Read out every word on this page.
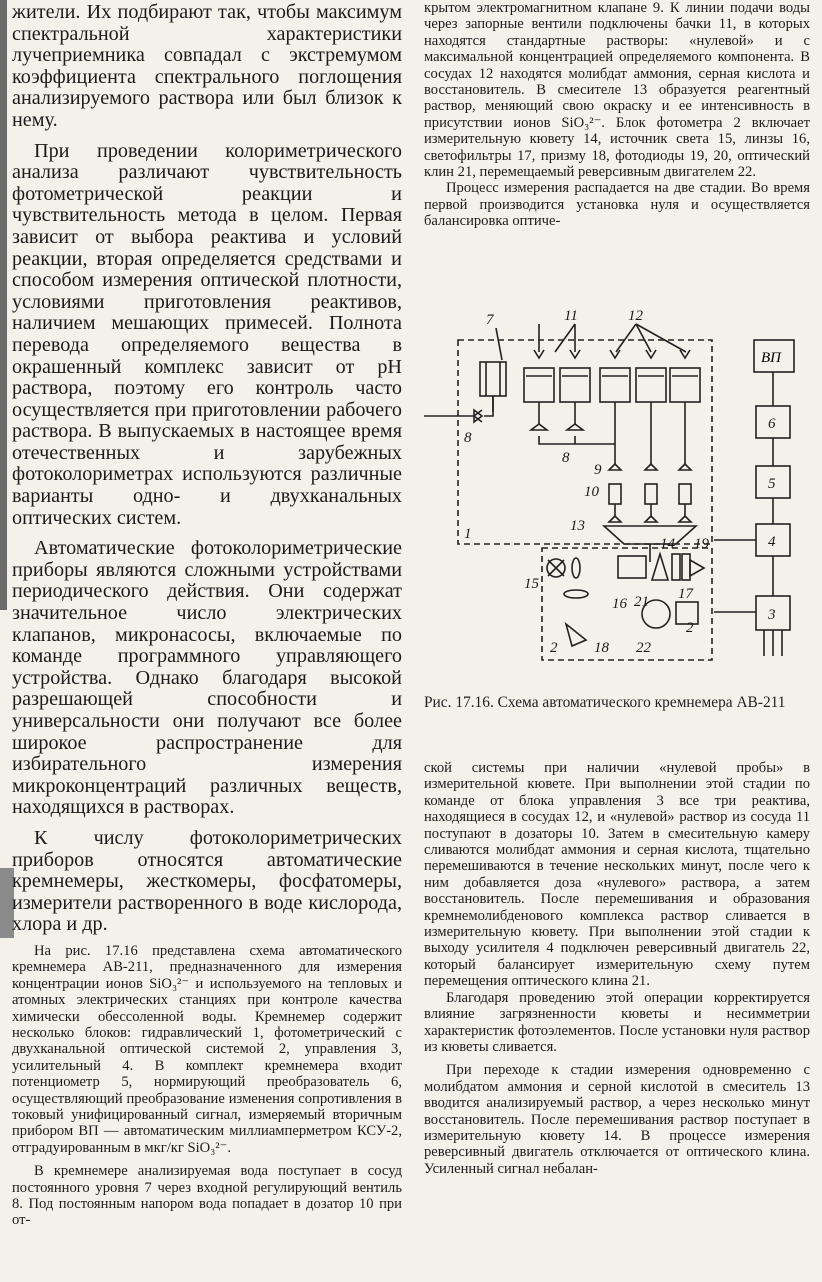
жители. Их подбирают так, чтобы максимум спектральной характеристики лучеприемника совпадал с экстремумом коэффициента спектрального поглощения анализируемого раствора или был близок к нему.

При проведении колориметрического анализа различают чувствительность фотометрической реакции и чувствительность метода в целом. Первая зависит от выбора реактива и условий реакции, вторая определяется средствами и способом измерения оптической плотности, условиями приготовления реактивов, наличием мешающих примесей. Полнота перевода определяемого вещества в окрашенный комплекс зависит от рН раствора, поэтому его контроль часто осуществляется при приготовлении рабочего раствора. В выпускаемых в настоящее время отечественных и зарубежных фотоколориметрах используются различные варианты одно- и двухканальных оптических систем.

Автоматические фотоколориметрические приборы являются сложными устройствами периодического действия. Они содержат значительное число электрических клапанов, микронасосы, включаемые по команде программного управляющего устройства. Однако благодаря высокой разрешающей способности и универсальности они получают все более широкое распространение для избирательного измерения микроконцентраций различных веществ, находящихся в растворах.

К числу фотоколориметрических приборов относятся автоматические кремнемеры, жесткомеры, фосфатомеры, измерители растворенного в воде кислорода, хлора и др.

На рис. 17.16 представлена схема автоматического кремнемера АВ-211, предназначенного для измерения концентрации ионов SiO₃²⁻ и используемого на тепловых и атомных электрических станциях при контроле качества химически обессоленной воды. Кремнемер содержит несколько блоков: гидравлический 1, фотометрический с двухканальной оптической системой 2, управления 3, усилительный 4. В комплект кремнемера входит потенциометр 5, нормирующий преобразователь 6, осуществляющий преобразование изменения сопротивления в токовый унифицированный сигнал, измеряемый вторичным прибором ВП — автоматическим миллиамперметром КСУ-2, отградуированным в мкг/кг SiO₃²⁻.

В кремнемере анализируемая вода поступает в сосуд постоянного уровня 7 через входной регулирующий вентиль 8. Под постоянным напором вода попадает в дозатор 10 при от-

крытом электромагнитном клапане 9. К линии подачи воды через запорные вентили подключены бачки 11, в которых находятся стандартные растворы: «нулевой» и с максимальной концентрацией определяемого компонента. В сосудах 12 находятся молибдат аммония, серная кислота и восстановитель. В смесителе 13 образуется реагентный раствор, меняющий свою окраску и ее интенсивность в присутствии ионов SiO₃²⁻. Блок фотометра 2 включает измерительную кювету 14, источник света 15, линзы 16, светофильтры 17, призму 18, фотодиоды 19, 20, оптический клин 21, перемещаемый реверсивным двигателем 22.

Процесс измерения распадается на две стадии. Во время первой производится установка нуля и осуществляется балансировка оптиче-

7	11	12
8
8
9
10
1	13
14 19
15
16 21 17
2 18 22
2
6
5
4
3
ВП
Рис. 17.16. Схема автоматического кремнемера АВ-211

ской системы при наличии «нулевой пробы» в измерительной кювете. При выполнении этой стадии по команде от блока управления 3 все три реактива, находящиеся в сосудах 12, и «нулевой» раствор из сосуда 11 поступают в дозаторы 10. Затем в смесительную камеру сливаются молибдат аммония и серная кислота, тщательно перемешиваются в течение нескольких минут, после чего к ним добавляется доза «нулевого» раствора, а затем восстановитель. После перемешивания и образования кремнемолибденового комплекса раствор сливается в измерительную кювету. При выполнении этой стадии к выходу усилителя 4 подключен реверсивный двигатель 22, который балансирует измерительную схему путем перемещения оптического клина 21.

Благодаря проведению этой операции корректируется влияние загрязненности кюветы и несимметрии характеристик фотоэлементов. После установки нуля раствор из кюветы сливается.

При переходе к стадии измерения одновременно с молибдатом аммония и серной кислотой в смеситель 13 вводится анализируемый раствор, а через несколько минут восстановитель. После перемешивания раствор поступает в измерительную кювету 14. В процессе измерения реверсивный двигатель отключается от оптического клина. Усиленный сигнал небалан-
